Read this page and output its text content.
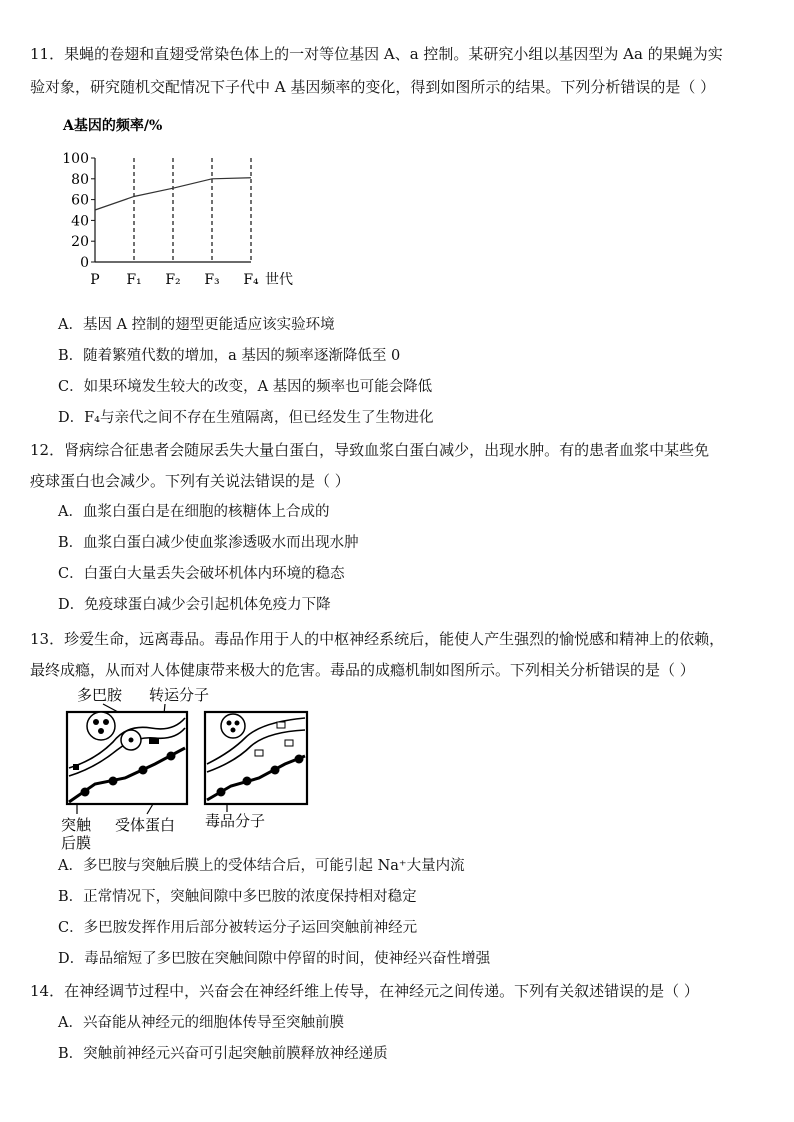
11．果蝇的卷翅和直翅受常染色体上的一对等位基因 A、a 控制。某研究小组以基因型为 Aa 的果蝇为实
验对象，研究随机交配情况下子代中 A 基因频率的变化，得到如图所示的结果。下列分析错误的是（ ）
A基因的频率/%
100
80
60
40
20
0
P F₁ F₂ F₃ F₄ 世代
A．基因 A 控制的翅型更能适应该实验环境
B．随着繁殖代数的增加，a 基因的频率逐渐降低至 0
C．如果环境发生较大的改变，A 基因的频率也可能会降低
D．F₄与亲代之间不存在生殖隔离，但已经发生了生物进化
12．肾病综合征患者会随尿丢失大量白蛋白，导致血浆白蛋白减少，出现水肿。有的患者血浆中某些免
疫球蛋白也会减少。下列有关说法错误的是（ ）
A．血浆白蛋白是在细胞的核糖体上合成的
B．血浆白蛋白减少使血浆渗透吸水而出现水肿
C．白蛋白大量丢失会破坏机体内环境的稳态
D．免疫球蛋白减少会引起机体免疫力下降
13．珍爱生命，远离毒品。毒品作用于人的中枢神经系统后，能使人产生强烈的愉悦感和精神上的依赖，
最终成瘾，从而对人体健康带来极大的危害。毒品的成瘾机制如图所示。下列相关分析错误的是（ ）
多巴胺 转运分子
突触
后膜
受体蛋白 毒品分子
A．多巴胺与突触后膜上的受体结合后，可能引起 Na⁺大量内流
B．正常情况下，突触间隙中多巴胺的浓度保持相对稳定
C．多巴胺发挥作用后部分被转运分子运回突触前神经元
D．毒品缩短了多巴胺在突触间隙中停留的时间，使神经兴奋性增强
14．在神经调节过程中，兴奋会在神经纤维上传导，在神经元之间传递。下列有关叙述错误的是（ ）
A．兴奋能从神经元的细胞体传导至突触前膜
B．突触前神经元兴奋可引起突触前膜释放神经递质
